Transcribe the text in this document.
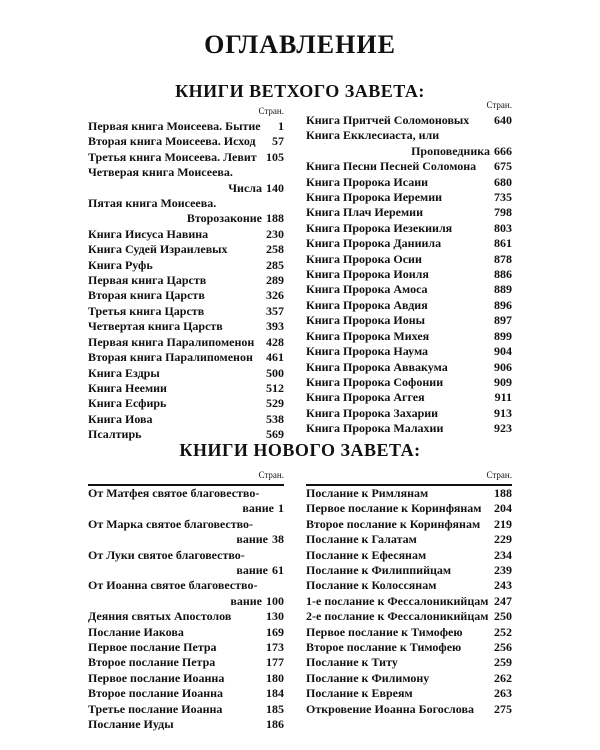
ОГЛАВЛЕНИЕ
КНИГИ ВЕТХОГО ЗАВЕТА:
Стран.
Первая книга Моисеева. Бытие	1
Вторая книга Моисеева. Исход	57
Третья книга Моисеева. Левит 105
Четверая книга Моисеева.
Числа 140
Пятая книга Моисеева.
Второзаконие 188
Книга Иисуса Навина	230
Книга Судей Израилевых	258
Книга Руфь	285
Первая книга Царств	289
Вторая книга Царств	326
Третья книга Царств	357
Четвертая книга Царств	393
Первая книга Паралипоменон 428
Вторая книга Паралипоменон	461
Книга Ездры	500
Книга Неемии	512
Книга Есфирь	529
Книга Иова	538
Псалтирь	569
Стран.
Книга Притчей Соломоновых	640
Книга Екклесиаста, или
Проповедника 666
Книга Песни Песней Соломона	675
Книга Пророка Исаии	680
Книга Пророка Иеремии	735
Книга Плач Иеремии	798
Книга Пророка Иезекииля	803
Книга Пророка Даниила	861
Книга Пророка Осии	878
Книга Пророка Иоиля	886
Книга Пророка Амоса	889
Книга Пророка Авдия	896
Книга Пророка Ионы	897
Книга Пророка Михея	899
Книга Пророка Наума	904
Книга Пророка Аввакума	906
Книга Пророка Софонии	909
Книга Пророка Аггея	911
Книга Пророка Захарии	913
Книга Пророка Малахии	923
КНИГИ НОВОГО ЗАВЕТА:
Стран.
От Матфея святое благовество-
вание 1
От Марка святое благовество-
вание 38
От Луки святое благовество-
вание 61
От Иоанна святое благовество-
вание 100
Деяния святых Апостолов	130
Послание Иакова	169
Первое послание Петра	173
Второе послание Петра	177
Первое послание Иоанна	180
Второе послание Иоанна	184
Третье послание Иоанна	185
Послание Иуды	186
Стран.
Послание к Римлянам	188
Первое послание к Коринфянам	204
Второе послание к Коринфянам	219
Послание к Галатам	229
Послание к Ефесянам	234
Послание к Филиппийцам	239
Послание к Колоссянам	243
1-е послание к Фессалоникийцам 247
2-е послание к Фессалоникийцам 250
Первое послание к Тимофею	252
Второе послание к Тимофею	256
Послание к Титу	259
Послание к Филимону	262
Послание к Евреям	263
Откровение Иоанна Богослова	275
